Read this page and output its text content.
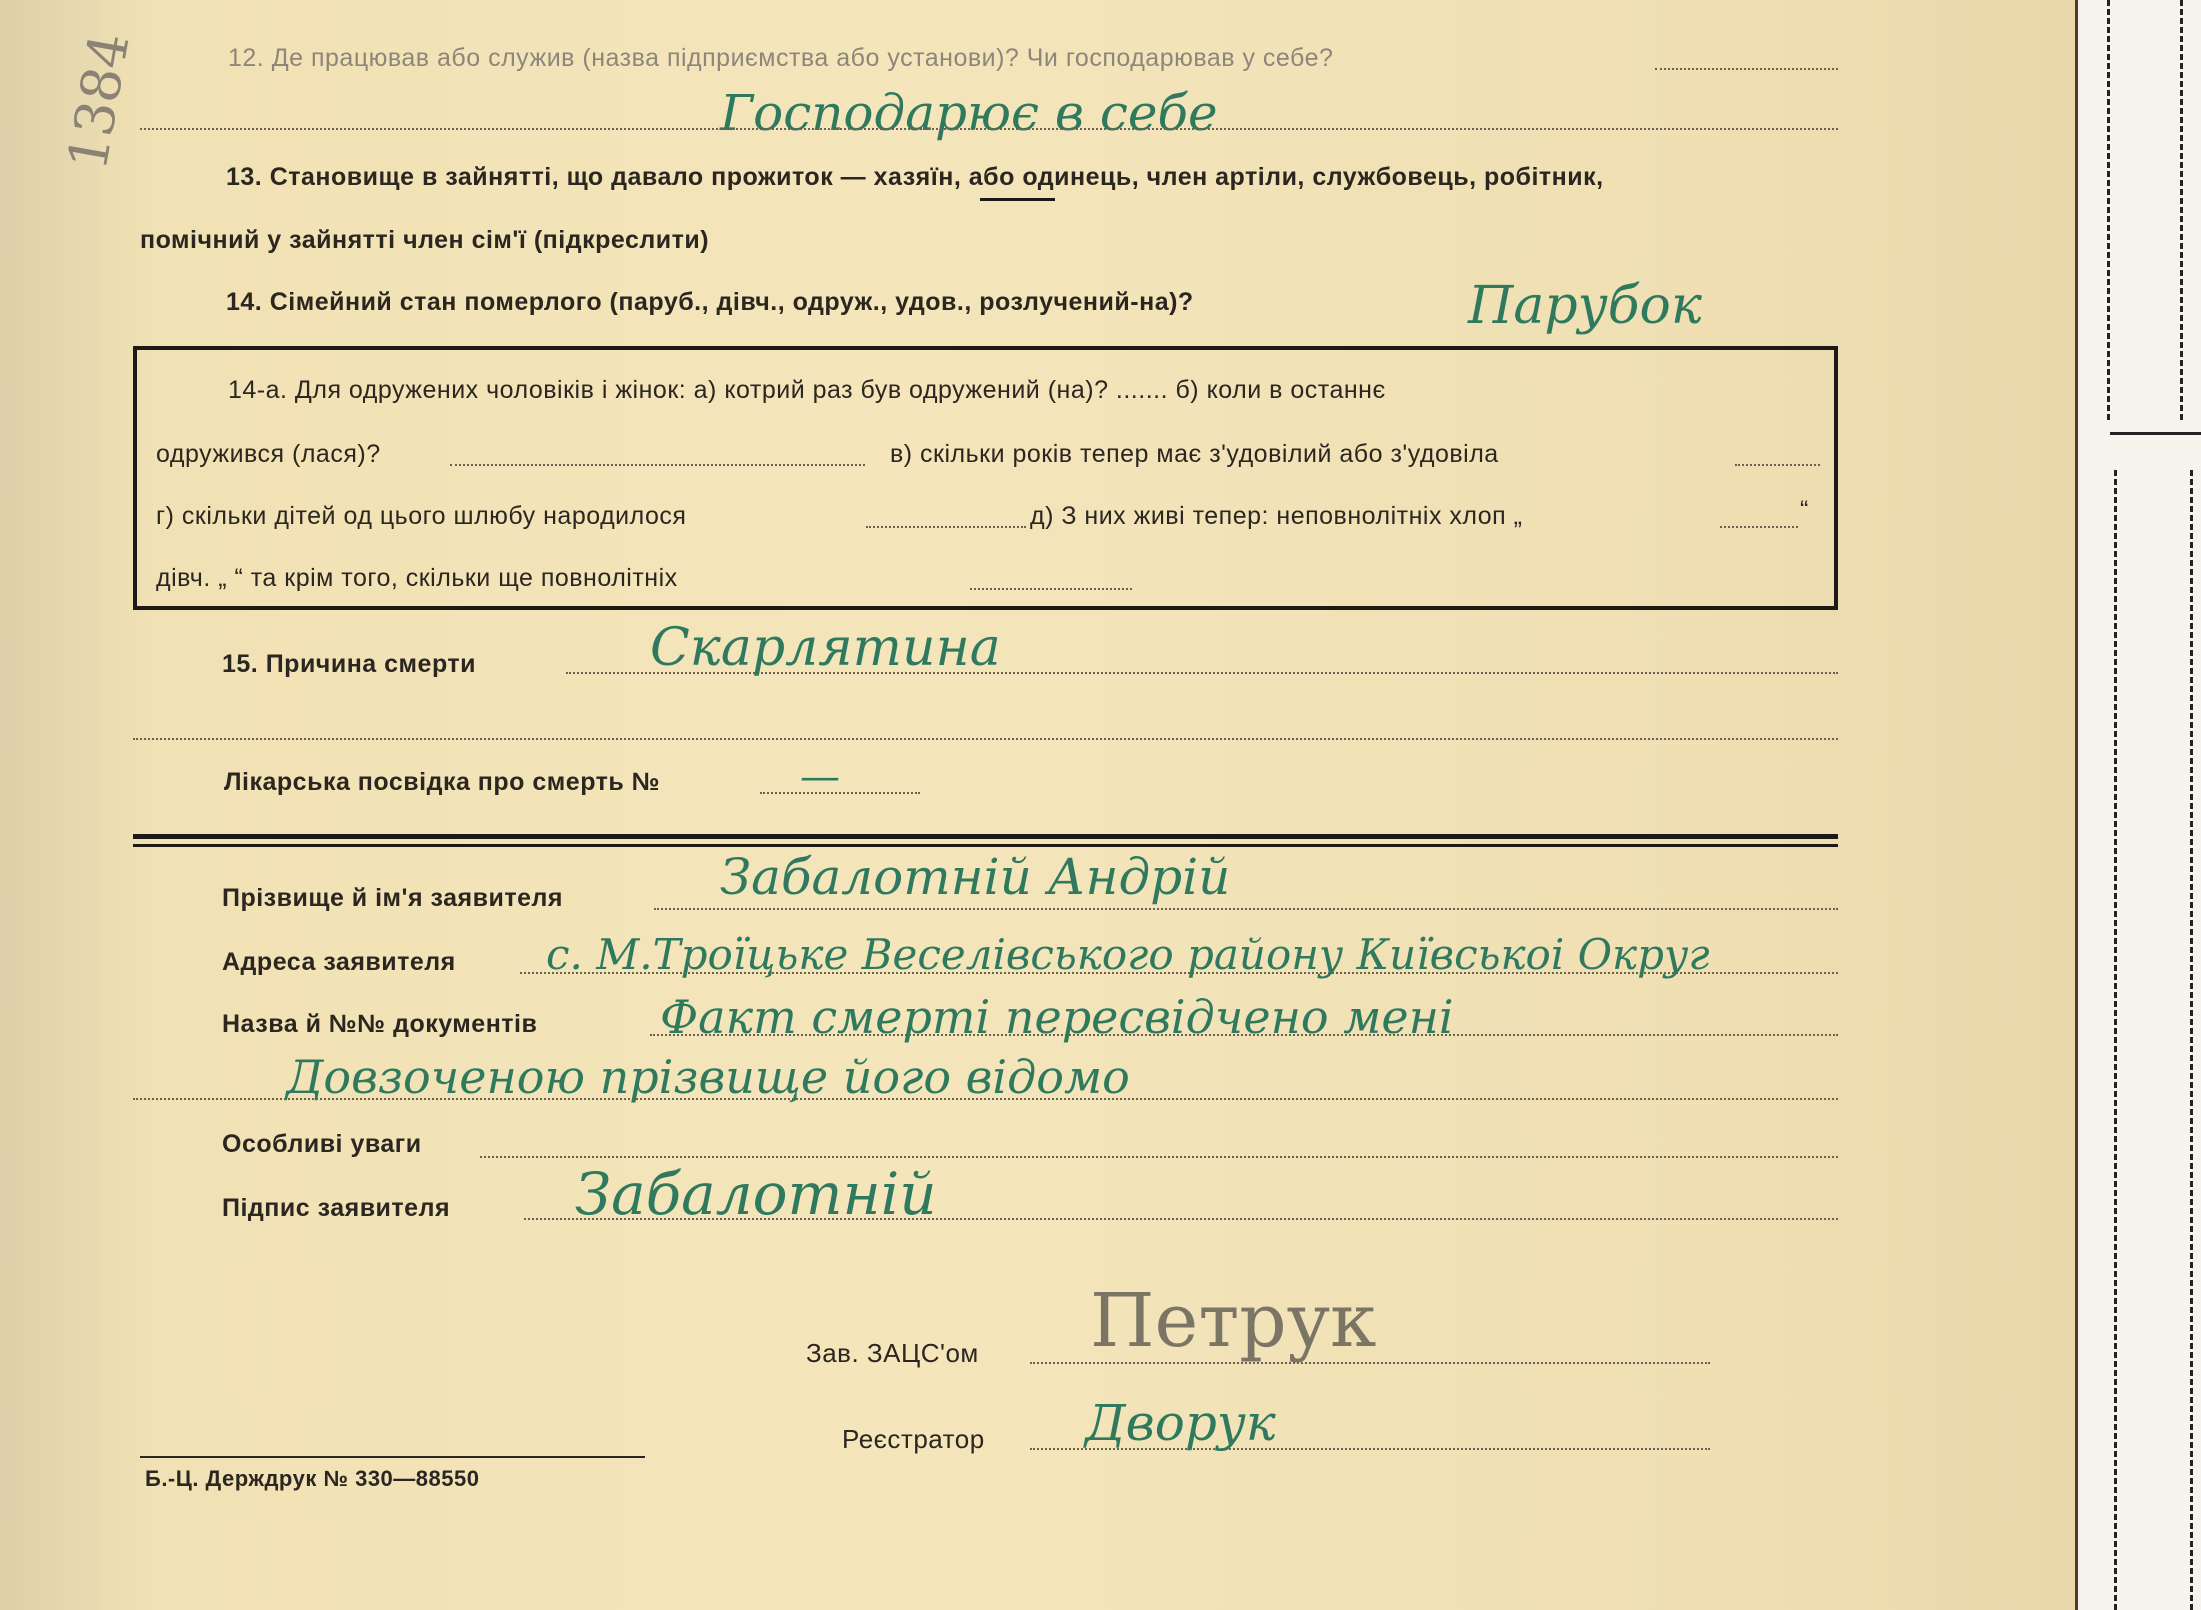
1384	12. Де працював або служив (назва підприємства або установи)? Чи господарював у себе?
Господарює в себе
13. Становище в зайнятті, що давало прожиток — хазяїн, або одинець, член артіли, службовець, робітник,
помічний у зайнятті член сім'ї (підкреслити)
14. Сімейний стан померлого (паруб., дівч., одруж., удов., розлучений-на)?	Парубок
14-а. Для одружених чоловіків і жінок: а) котрий раз був одружений (на)? ....... б) коли в останнє
одружився (лася)?	в) скільки років тепер має з'удовілий або з'удовіла
г) скільки дітей од цього шлюбу народилося	д) З них живі тепер: неповнолітніх хлоп „	“
дівч. „ “ та крім того, скільки ще повнолітніх
15. Причина смерти	Скарлятина
Лікарська посвідка про смерть №	—
Прізвище й ім'я заявителя	Забалотній Андрій
Адреса заявителя с. М.Троїцьке Веселівського району Київськоі Округ
Назва й №№ документів	Факт смерті пересвідчено мені
Довзоченою прізвище його відомо
Особливі уваги
Підпис заявителя Забалотній
Зав. ЗАЦС'ом Петрук
Реєстратор Дворук
Б.-Ц. Держдрук № 330—88550
